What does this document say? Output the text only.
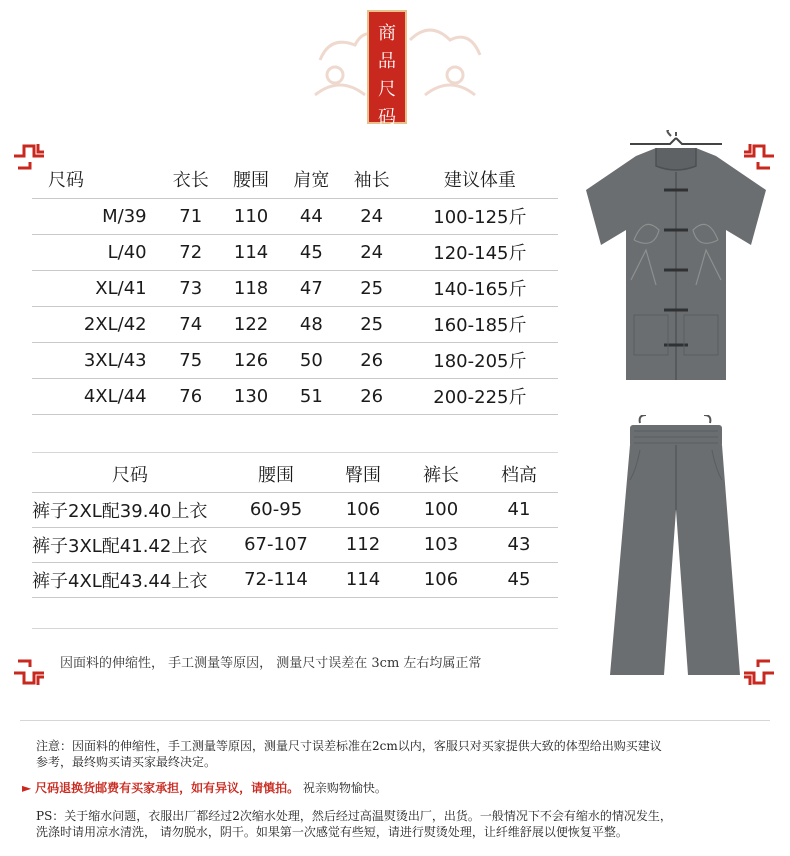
商
品
尺
码
尺码	衣长	腰围	肩宽	袖长	建议体重
M/39	71	110	44	24	100-125斤
L/40	72	114	45	24	120-145斤
XL/41	73	118	47	25	140-165斤
2XL/42	74	122	48	25	160-185斤
3XL/43	75	126	50	26	180-205斤
4XL/44	76	130	51	26	200-225斤
尺码	腰围	臀围	裤长	档高
裤子2XL配39.40上衣	60-95	106	100	41
裤子3XL配41.42上衣	67-107	112	103	43
裤子4XL配43.44上衣	72-114	114	106	45
因面料的伸缩性， 手工测量等原因， 测量尺寸误差在 3cm 左右均属正常
注意：因面料的伸缩性，手工测量等原因，测量尺寸误差标准在2cm以内，客服只对买家提供大致的体型给出购买建议
参考，最终购买请买家最终决定。
► 尺码退换货邮费有买家承担，如有异议，请慎拍。 祝亲购物愉快。
PS：关于缩水问题，衣服出厂都经过2次缩水处理，然后经过高温熨烫出厂，出货。一般情况下不会有缩水的情况发生，
洗涤时请用凉水清洗， 请勿脱水，阴干。如果第一次感觉有些短，请进行熨烫处理，让纤维舒展以便恢复平整。
